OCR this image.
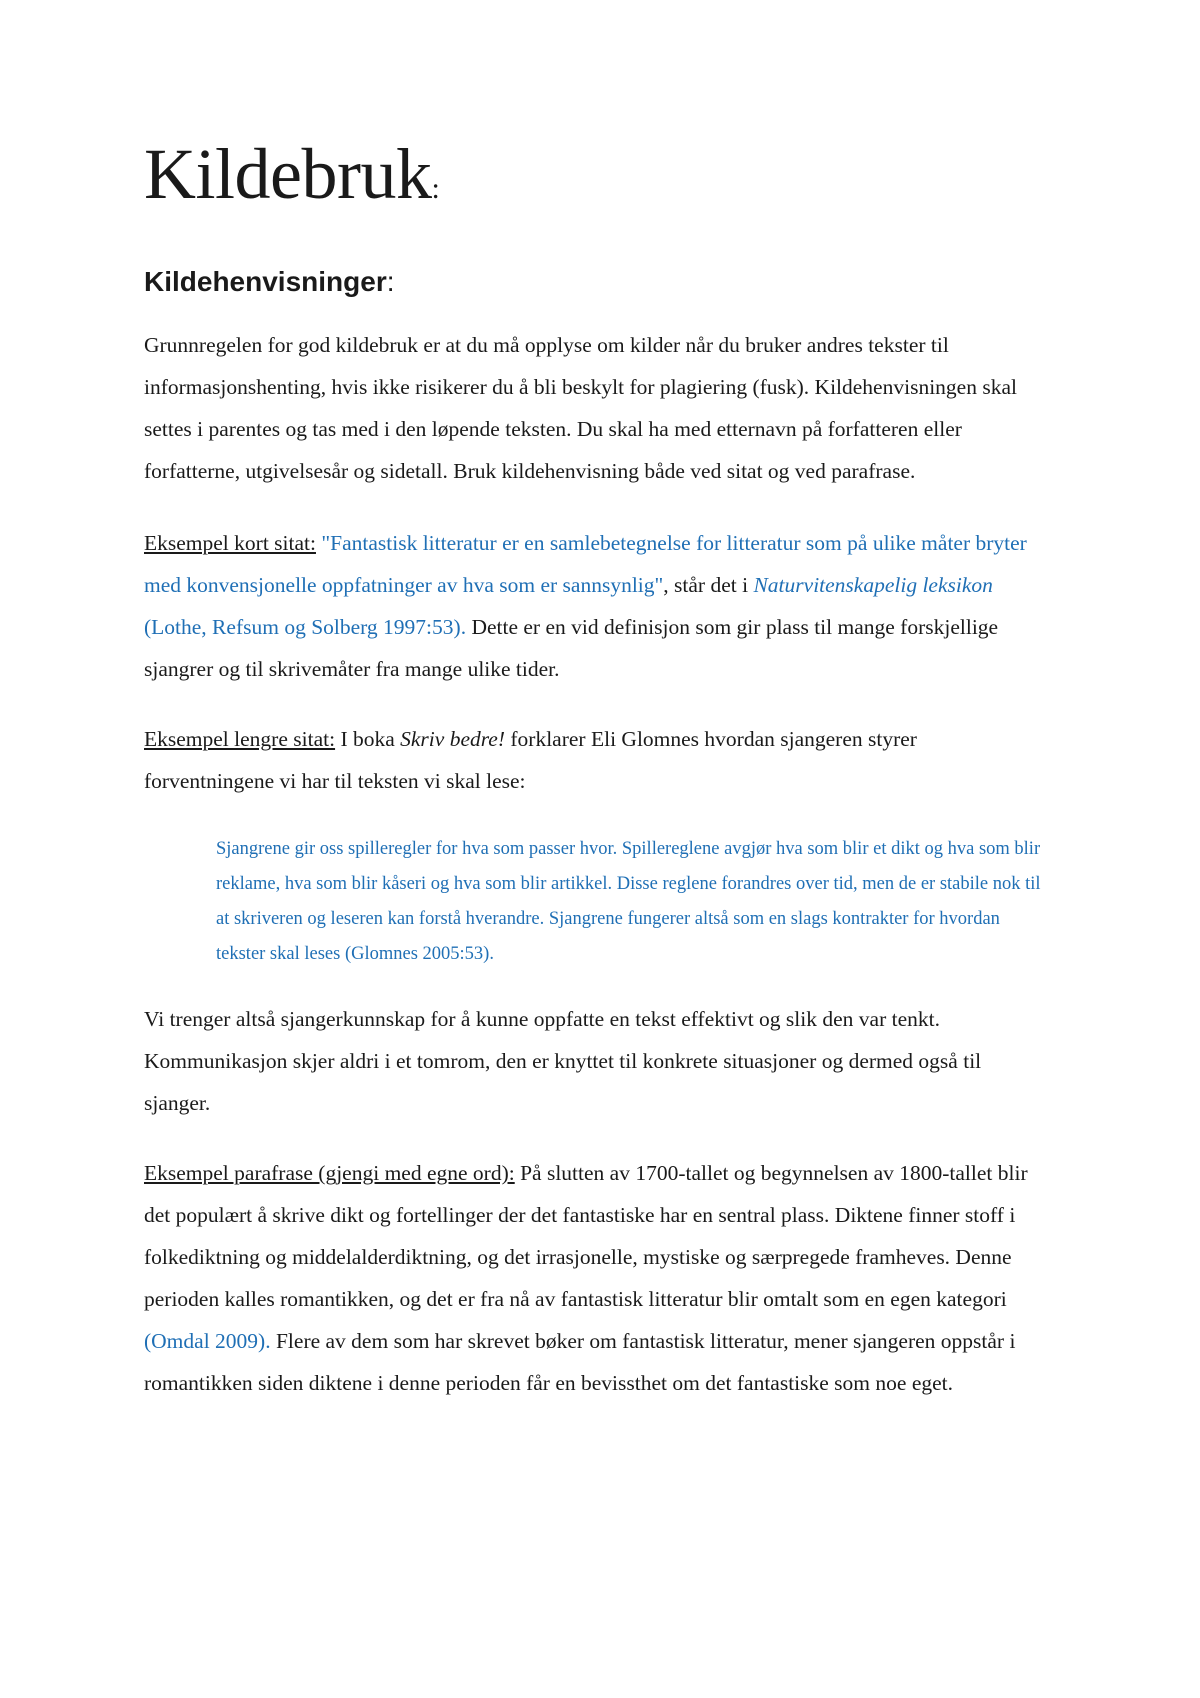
Kildebruk:
Kildehenvisninger:

Grunnregelen for god kildebruk er at du må opplyse om kilder når du bruker andres tekster til informasjonshenting, hvis ikke risikerer du å bli beskylt for plagiering (fusk). Kildehenvisningen skal settes i parentes og tas med i den løpende teksten. Du skal ha med etternavn på forfatteren eller forfatterne, utgivelsesår og sidetall. Bruk kildehenvisning både ved sitat og ved parafrase.

Eksempel kort sitat: "Fantastisk litteratur er en samlebetegnelse for litteratur som på ulike måter bryter med konvensjonelle oppfatninger av hva som er sannsynlig", står det i Naturvitenskapelig leksikon (Lothe, Refsum og Solberg 1997:53). Dette er en vid definisjon som gir plass til mange forskjellige sjangrer og til skrivemåter fra mange ulike tider.

Eksempel lengre sitat: I boka Skriv bedre! forklarer Eli Glomnes hvordan sjangeren styrer forventningene vi har til teksten vi skal lese:

Sjangrene gir oss spilleregler for hva som passer hvor. Spillereglene avgjør hva som blir et dikt og hva som blir reklame, hva som blir kåseri og hva som blir artikkel. Disse reglene forandres over tid, men de er stabile nok til at skriveren og leseren kan forstå hverandre. Sjangrene fungerer altså som en slags kontrakter for hvordan tekster skal leses (Glomnes 2005:53).

Vi trenger altså sjangerkunnskap for å kunne oppfatte en tekst effektivt og slik den var tenkt. Kommunikasjon skjer aldri i et tomrom, den er knyttet til konkrete situasjoner og dermed også til sjanger.

Eksempel parafrase (gjengi med egne ord): På slutten av 1700-tallet og begynnelsen av 1800-tallet blir det populært å skrive dikt og fortellinger der det fantastiske har en sentral plass. Diktene finner stoff i folkediktning og middelalderdiktning, og det irrasjonelle, mystiske og særpregede framheves. Denne perioden kalles romantikken, og det er fra nå av fantastisk litteratur blir omtalt som en egen kategori (Omdal 2009). Flere av dem som har skrevet bøker om fantastisk litteratur, mener sjangeren oppstår i romantikken siden diktene i denne perioden får en bevissthet om det fantastiske som noe eget.
